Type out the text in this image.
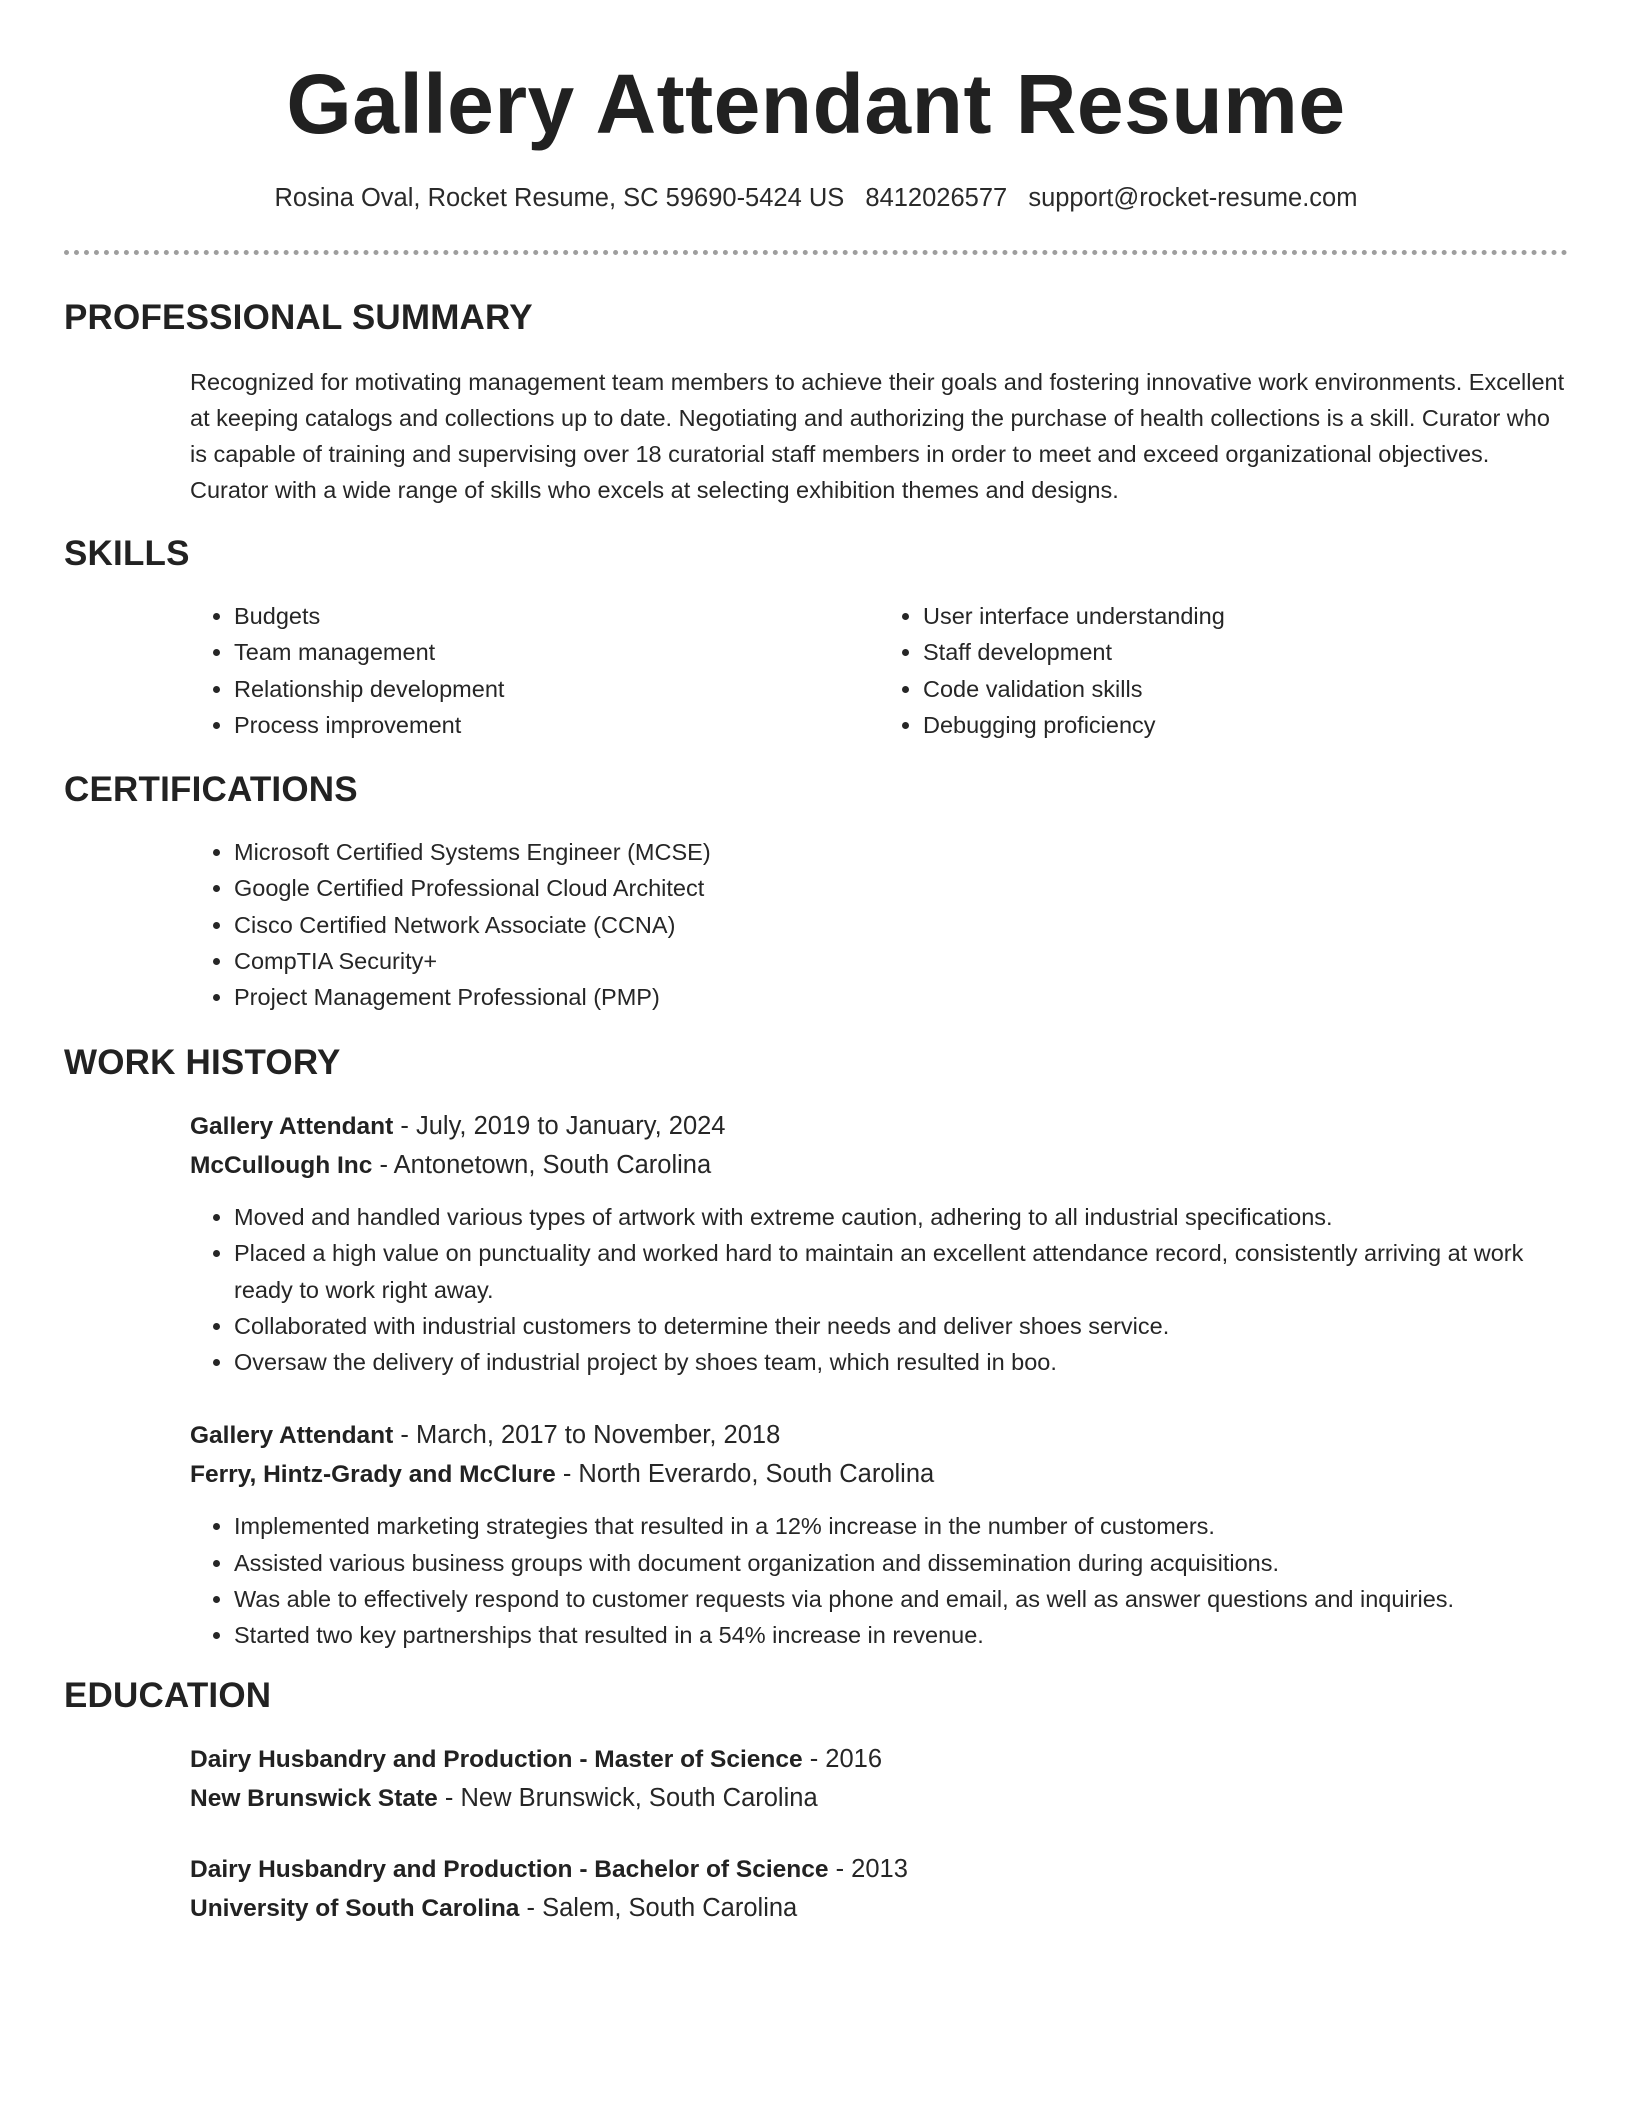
Gallery Attendant Resume
Rosina Oval, Rocket Resume, SC 59690-5424 US 8412026577 support@rocket-resume.com
PROFESSIONAL SUMMARY
Recognized for motivating management team members to achieve their goals and fostering innovative work environments. Excellent at keeping catalogs and collections up to date. Negotiating and authorizing the purchase of health collections is a skill. Curator who is capable of training and supervising over 18 curatorial staff members in order to meet and exceed organizational objectives. Curator with a wide range of skills who excels at selecting exhibition themes and designs.
SKILLS
• Budgets
• Team management
• Relationship development
• Process improvement
• User interface understanding
• Staff development
• Code validation skills
• Debugging proficiency
CERTIFICATIONS
• Microsoft Certified Systems Engineer (MCSE)
• Google Certified Professional Cloud Architect
• Cisco Certified Network Associate (CCNA)
• CompTIA Security+
• Project Management Professional (PMP)
WORK HISTORY
Gallery Attendant - July, 2019 to January, 2024
McCullough Inc - Antonetown, South Carolina
• Moved and handled various types of artwork with extreme caution, adhering to all industrial specifications.
• Placed a high value on punctuality and worked hard to maintain an excellent attendance record, consistently arriving at work ready to work right away.
• Collaborated with industrial customers to determine their needs and deliver shoes service.
• Oversaw the delivery of industrial project by shoes team, which resulted in boo.
Gallery Attendant - March, 2017 to November, 2018
Ferry, Hintz-Grady and McClure - North Everardo, South Carolina
• Implemented marketing strategies that resulted in a 12% increase in the number of customers.
• Assisted various business groups with document organization and dissemination during acquisitions.
• Was able to effectively respond to customer requests via phone and email, as well as answer questions and inquiries.
• Started two key partnerships that resulted in a 54% increase in revenue.
EDUCATION
Dairy Husbandry and Production - Master of Science - 2016
New Brunswick State - New Brunswick, South Carolina
Dairy Husbandry and Production - Bachelor of Science - 2013
University of South Carolina - Salem, South Carolina
